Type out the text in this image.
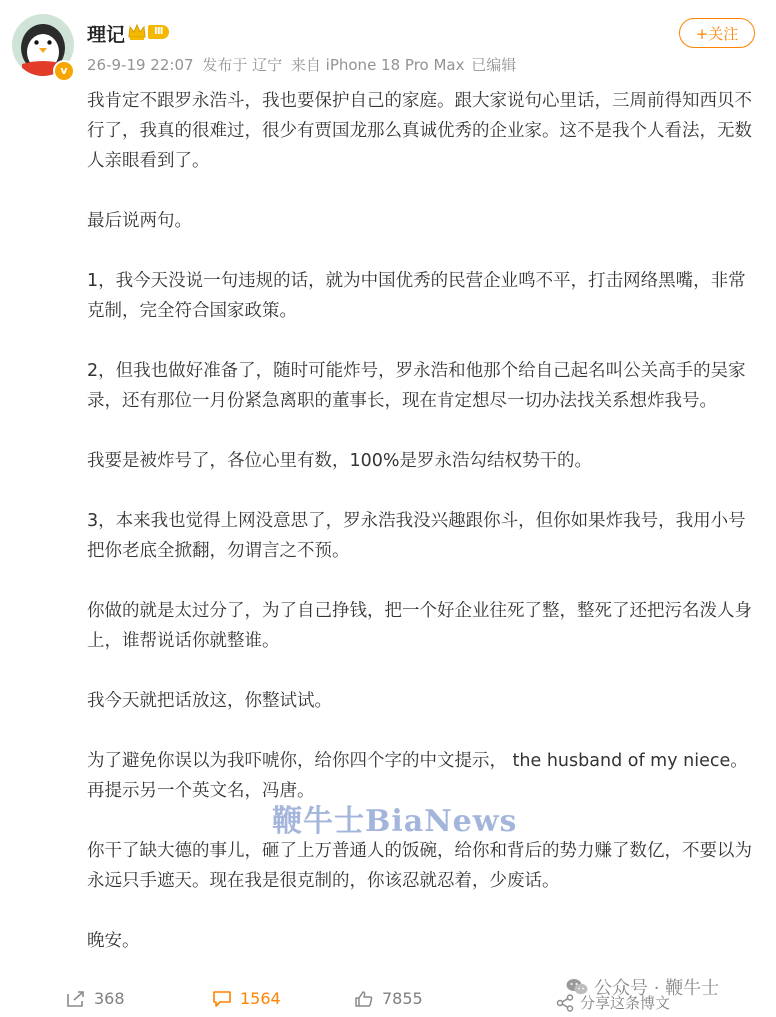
v
理记	Ⅲ
26-9-19 22:07 发布于 辽宁 来自 iPhone 18 Pro Max 已编辑
+关注

我肯定不跟罗永浩斗，我也要保护自己的家庭。跟大家说句心里话，三周前得知西贝不行了，我真的很难过，很少有贾国龙那么真诚优秀的企业家。这不是我个人看法，无数人亲眼看到了。

最后说两句。

1，我今天没说一句违规的话，就为中国优秀的民营企业鸣不平，打击网络黑嘴，非常克制，完全符合国家政策。

2，但我也做好准备了，随时可能炸号，罗永浩和他那个给自己起名叫公关高手的吴家录，还有那位一月份紧急离职的董事长，现在肯定想尽一切办法找关系想炸我号。

我要是被炸号了，各位心里有数，100%是罗永浩勾结权势干的。

3，本来我也觉得上网没意思了，罗永浩我没兴趣跟你斗，但你如果炸我号，我用小号把你老底全掀翻，勿谓言之不预。

你做的就是太过分了，为了自己挣钱，把一个好企业往死了整，整死了还把污名泼人身上，谁帮说话你就整谁。

我今天就把话放这，你整试试。

为了避免你误以为我吓唬你，给你四个字的中文提示， the husband of my niece。再提示另一个英文名，冯唐。

你干了缺大德的事儿，砸了上万普通人的饭碗，给你和背后的势力赚了数亿，不要以为永远只手遮天。现在我是很克制的，你该忍就忍着，少废话。

晚安。

鞭牛士BiaNews
公众号 · 鞭牛士
368	1564	7855	分享这条博文
